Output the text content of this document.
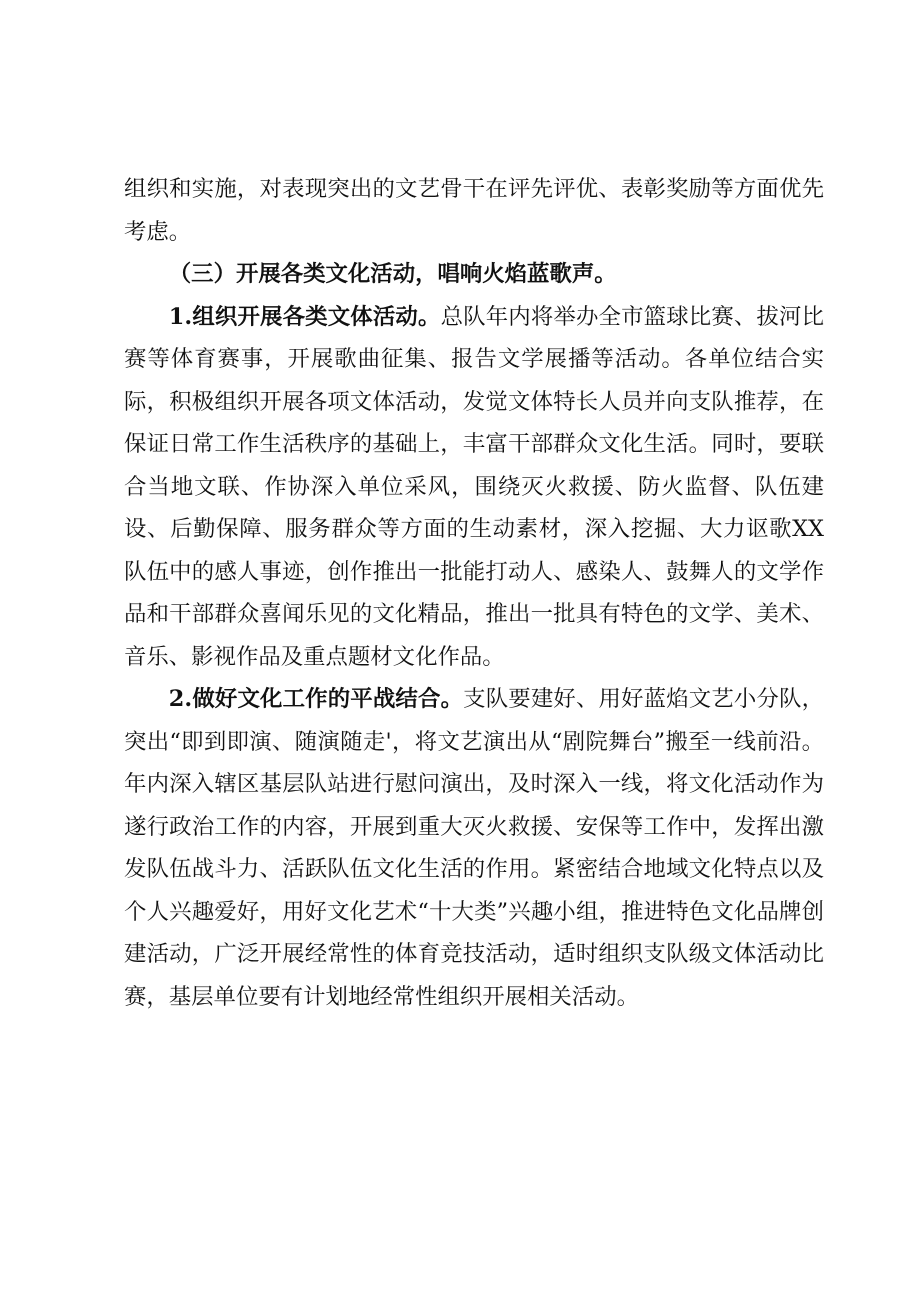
组织和实施，对表现突出的文艺骨干在评先评优、表彰奖励等方面优先考虑。

（三）开展各类文化活动，唱响火焰蓝歌声。

1.组织开展各类文体活动。总队年内将举办全市篮球比赛、拔河比赛等体育赛事，开展歌曲征集、报告文学展播等活动。各单位结合实际，积极组织开展各项文体活动，发觉文体特长人员并向支队推荐，在保证日常工作生活秩序的基础上，丰富干部群众文化生活。同时，要联合当地文联、作协深入单位采风，围绕灭火救援、防火监督、队伍建设、后勤保障、服务群众等方面的生动素材，深入挖掘、大力讴歌XX队伍中的感人事迹，创作推出一批能打动人、感染人、鼓舞人的文学作品和干部群众喜闻乐见的文化精品，推出一批具有特色的文学、美术、音乐、影视作品及重点题材文化作品。

2.做好文化工作的平战结合。支队要建好、用好蓝焰文艺小分队，突出“即到即演、随演随走'，将文艺演出从“剧院舞台”搬至一线前沿。年内深入辖区基层队站进行慰问演出，及时深入一线，将文化活动作为遂行政治工作的内容，开展到重大灭火救援、安保等工作中，发挥出激发队伍战斗力、活跃队伍文化生活的作用。紧密结合地域文化特点以及个人兴趣爱好，用好文化艺术“十大类”兴趣小组，推进特色文化品牌创建活动，广泛开展经常性的体育竞技活动，适时组织支队级文体活动比赛，基层单位要有计划地经常性组织开展相关活动。
